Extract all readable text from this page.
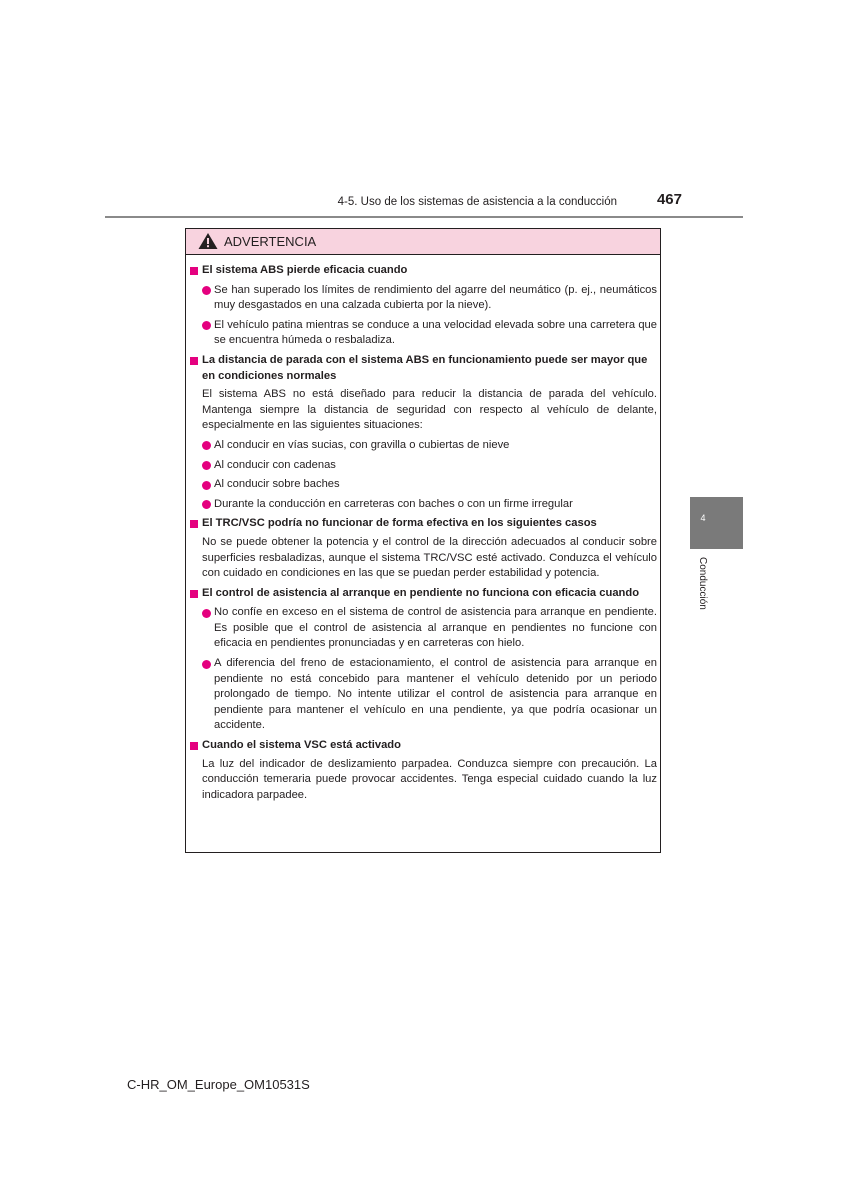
4-5. Uso de los sistemas de asistencia a la conducción	467
4
Conducción
ADVERTENCIA
El sistema ABS pierde eficacia cuando
Se han superado los límites de rendimiento del agarre del neumático (p. ej., neumáticos muy desgastados en una calzada cubierta por la nieve).
El vehículo patina mientras se conduce a una velocidad elevada sobre una carretera que se encuentra húmeda o resbaladiza.
La distancia de parada con el sistema ABS en funcionamiento puede ser mayor que en condiciones normales
El sistema ABS no está diseñado para reducir la distancia de parada del vehículo. Mantenga siempre la distancia de seguridad con respecto al vehículo de delante, especialmente en las siguientes situaciones:
Al conducir en vías sucias, con gravilla o cubiertas de nieve
Al conducir con cadenas
Al conducir sobre baches
Durante la conducción en carreteras con baches o con un firme irregular
El TRC/VSC podría no funcionar de forma efectiva en los siguientes casos
No se puede obtener la potencia y el control de la dirección adecuados al conducir sobre superficies resbaladizas, aunque el sistema TRC/VSC esté activado. Conduzca el vehículo con cuidado en condiciones en las que se puedan perder estabilidad y potencia.
El control de asistencia al arranque en pendiente no funciona con eficacia cuando
No confíe en exceso en el sistema de control de asistencia para arranque en pendiente. Es posible que el control de asistencia al arranque en pendientes no funcione con eficacia en pendientes pronunciadas y en carreteras con hielo.
A diferencia del freno de estacionamiento, el control de asistencia para arranque en pendiente no está concebido para mantener el vehículo detenido por un periodo prolongado de tiempo. No intente utilizar el control de asistencia para arranque en pendiente para mantener el vehículo en una pendiente, ya que podría ocasionar un accidente.
Cuando el sistema VSC está activado
La luz del indicador de deslizamiento parpadea. Conduzca siempre con precaución. La conducción temeraria puede provocar accidentes. Tenga especial cuidado cuando la luz indicadora parpadee.
C-HR_OM_Europe_OM10531S
